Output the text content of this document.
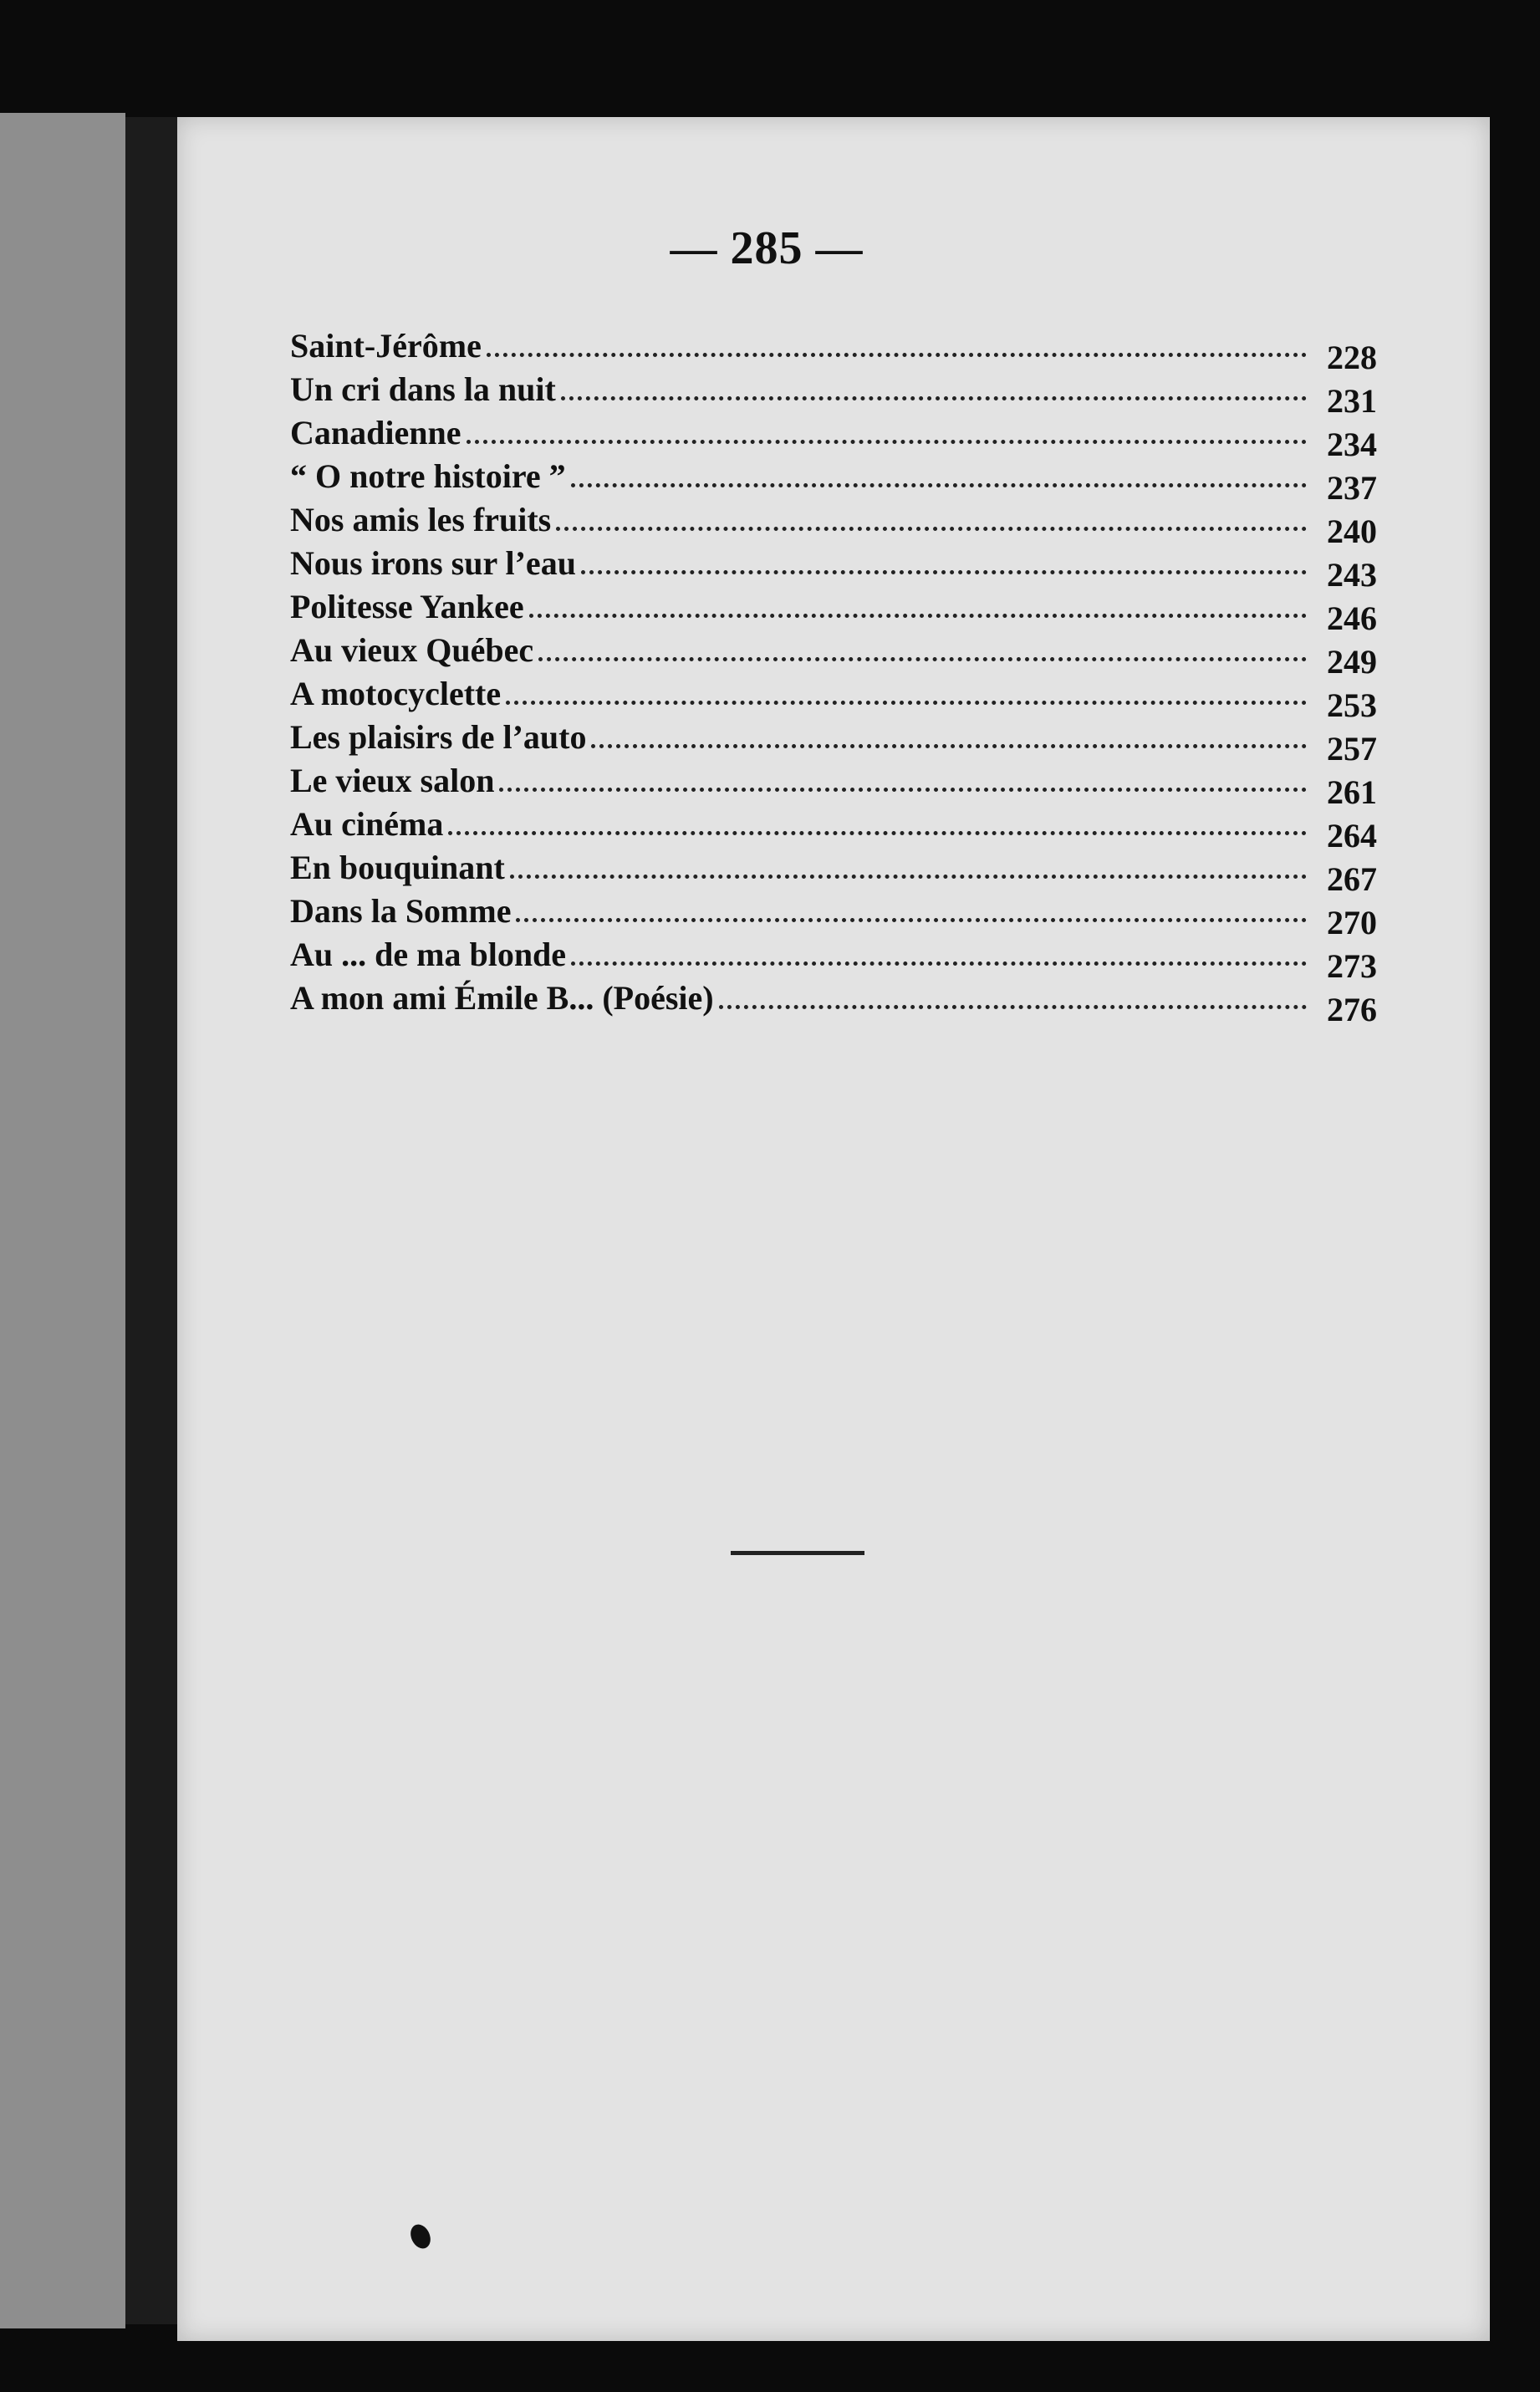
— 285 —
Saint-Jérôme	228
Un cri dans la nuit	231
Canadienne	234
“ O notre histoire ”	237
Nos amis les fruits	240
Nous irons sur l’eau	243
Politesse Yankee	246
Au vieux Québec	249
A motocyclette	253
Les plaisirs de l’auto	257
Le vieux salon	261
Au cinéma	264
En bouquinant	267
Dans la Somme	270
Au ... de ma blonde	273
A mon ami Émile B... (Poésie)	276
